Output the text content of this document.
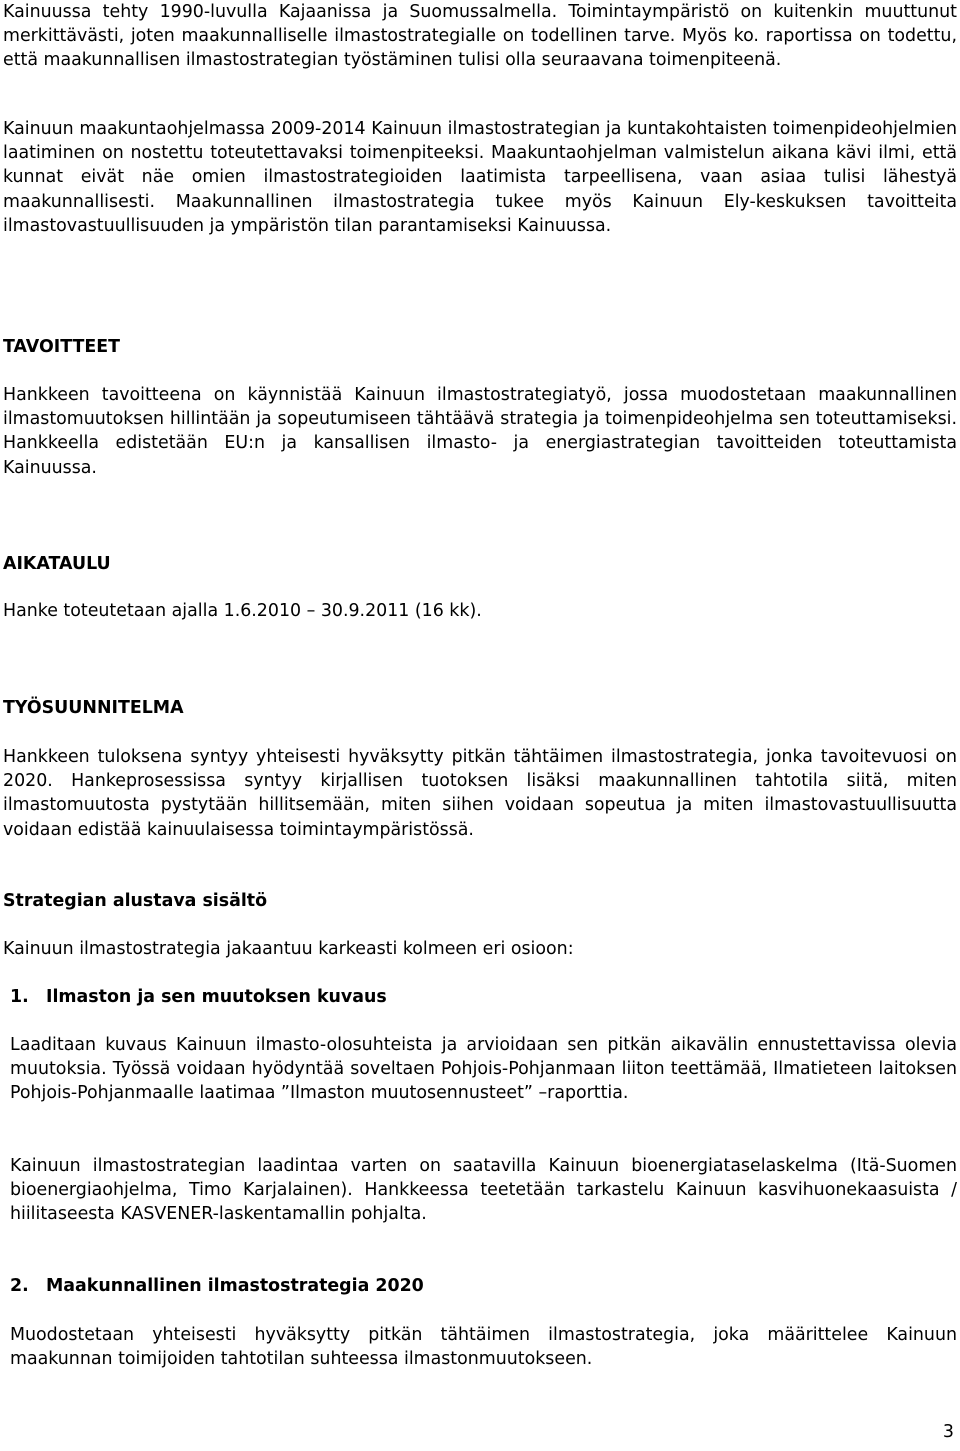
Kainuussa tehty 1990-luvulla Kajaanissa ja Suomussalmella. Toimintaympäristö on kuitenkin muuttunut merkittävästi, joten maakunnalliselle ilmastostrategialle on todellinen tarve. Myös ko. raportissa on todettu, että maakunnallisen ilmastostrategian työstäminen tulisi olla seuraavana toimenpiteenä.

Kainuun maakuntaohjelmassa 2009-2014 Kainuun ilmastostrategian ja kuntakohtaisten toimenpideohjelmien laatiminen on nostettu toteutettavaksi toimenpiteeksi. Maakuntaohjelman valmistelun aikana kävi ilmi, että kunnat eivät näe omien ilmastostrategioiden laatimista tarpeellisena, vaan asiaa tulisi lähestyä maakunnallisesti. Maakunnallinen ilmastostrategia tukee myös Kainuun Ely-keskuksen tavoitteita ilmastovastuullisuuden ja ympäristön tilan parantamiseksi Kainuussa.

TAVOITTEET

Hankkeen tavoitteena on käynnistää Kainuun ilmastostrategiatyö, jossa muodostetaan maakunnallinen ilmastomuutoksen hillintään ja sopeutumiseen tähtäävä strategia ja toimenpideohjelma sen toteuttamiseksi. Hankkeella edistetään EU:n ja kansallisen ilmasto- ja energiastrategian tavoitteiden toteuttamista Kainuussa.

AIKATAULU

Hanke toteutetaan ajalla 1.6.2010 – 30.9.2011 (16 kk).

TYÖSUUNNITELMA

Hankkeen tuloksena syntyy yhteisesti hyväksytty pitkän tähtäimen ilmastostrategia, jonka tavoitevuosi on 2020. Hankeprosessissa syntyy kirjallisen tuotoksen lisäksi maakunnallinen tahtotila siitä, miten ilmastomuutosta pystytään hillitsemään, miten siihen voidaan sopeutua ja miten ilmastovastuullisuutta voidaan edistää kainuulaisessa toimintaympäristössä.

Strategian alustava sisältö

Kainuun ilmastostrategia jakaantuu karkeasti kolmeen eri osioon:

1. Ilmaston ja sen muutoksen kuvaus

Laaditaan kuvaus Kainuun ilmasto-olosuhteista ja arvioidaan sen pitkän aikavälin ennustettavissa olevia muutoksia. Työssä voidaan hyödyntää soveltaen Pohjois-Pohjanmaan liiton teettämää, Ilmatieteen laitoksen Pohjois-Pohjanmaalle laatimaa ”Ilmaston muutosennusteet” –raporttia.

Kainuun ilmastostrategian laadintaa varten on saatavilla Kainuun bioenergiataselaskelma (Itä-Suomen bioenergiaohjelma, Timo Karjalainen). Hankkeessa teetetään tarkastelu Kainuun kasvihuonekaasuista / hiilitaseesta KASVENER-laskentamallin pohjalta.

2. Maakunnallinen ilmastostrategia 2020

Muodostetaan yhteisesti hyväksytty pitkän tähtäimen ilmastostrategia, joka määrittelee Kainuun maakunnan toimijoiden tahtotilan suhteessa ilmastonmuutokseen.

3
